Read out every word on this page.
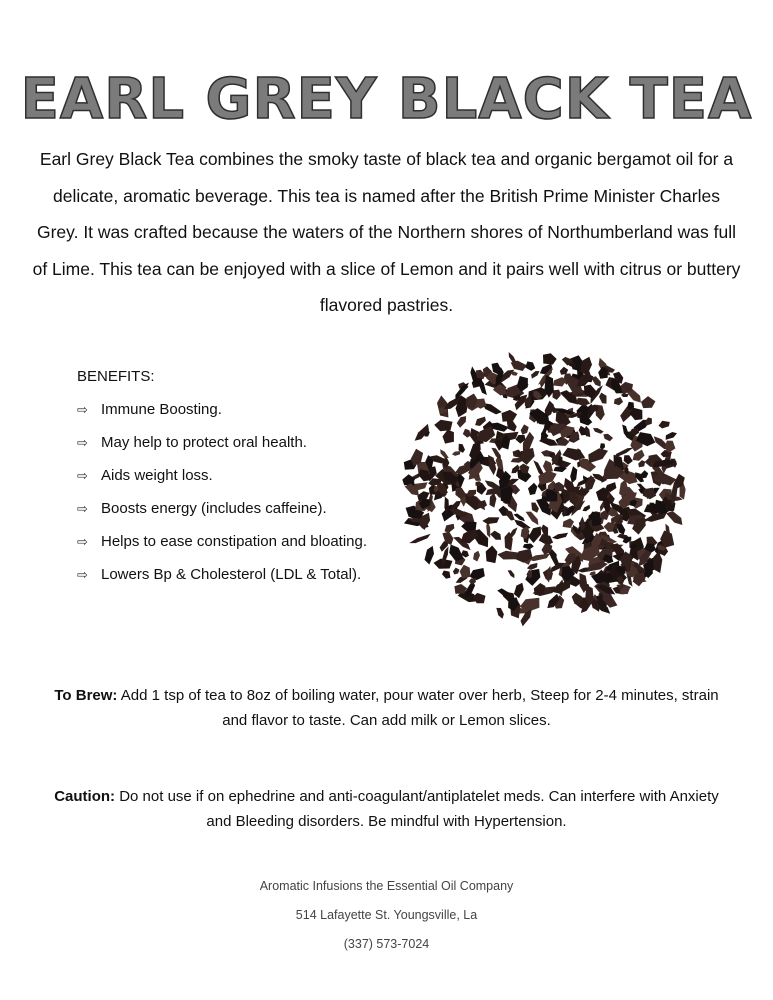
EARL GREY BLACK TEA
Earl Grey Black Tea combines the smoky taste of black tea and organic bergamot oil for a delicate, aromatic beverage. This tea is named after the British Prime Minister Charles Grey. It was crafted because the waters of the Northern shores of Northumberland was full of Lime. This tea can be enjoyed with a slice of Lemon and it pairs well with citrus or buttery flavored pastries.
BENEFITS:
⇨ Immune Boosting.
⇨ May help to protect oral health.
⇨ Aids weight loss.
⇨ Boosts energy (includes caffeine).
⇨ Helps to ease constipation and bloating.
⇨ Lowers Bp & Cholesterol (LDL & Total).
To Brew: Add 1 tsp of tea to 8oz of boiling water, pour water over herb, Steep for 2-4 minutes, strain and flavor to taste. Can add milk or Lemon slices.
Caution: Do not use if on ephedrine and anti-coagulant/antiplatelet meds. Can interfere with Anxiety and Bleeding disorders. Be mindful with Hypertension.
Aromatic Infusions the Essential Oil Company
514 Lafayette St. Youngsville, La
(337) 573-7024
